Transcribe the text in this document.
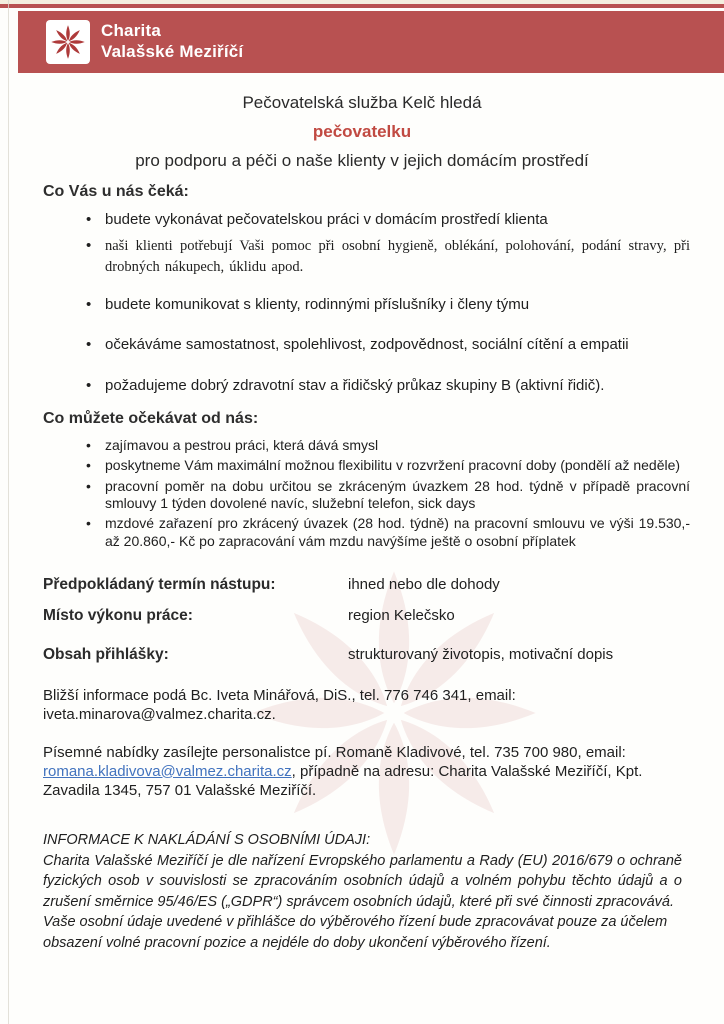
Charita
Valašské Meziříčí

Pečovatelská služba Kelč hledá

pečovatelku

pro podporu a péči o naše klienty v jejich domácím prostředí

Co Vás u nás čeká:
• budete vykonávat pečovatelskou práci v domácím prostředí klienta
• naši klienti potřebují Vaši pomoc při osobní hygieně, oblékání, polohování, podání stravy, při drobných nákupech, úklidu apod.
• budete komunikovat s klienty, rodinnými příslušníky i členy týmu
• očekáváme samostatnost, spolehlivost, zodpovědnost, sociální cítění a empatii
• požadujeme dobrý zdravotní stav a řidičský průkaz skupiny B (aktivní řidič).
Co můžete očekávat od nás:
•	zajímavou a pestrou práci, která dává smysl
•	poskytneme Vám maximální možnou flexibilitu v rozvržení pracovní doby (pondělí až neděle)
•	pracovní poměr na dobu určitou se zkráceným úvazkem 28 hod. týdně v případě pracovní smlouvy 1 týden dovolené navíc, služební telefon, sick days
•	mzdové zařazení pro zkrácený úvazek (28 hod. týdně) na pracovní smlouvu ve výši 19.530,- až 20.860,- Kč po zapracování vám mzdu navýšíme ještě o osobní příplatek
Předpokládaný termín nástupu:	ihned nebo dle dohody
Místo výkonu práce:	region Kelečsko
Obsah přihlášky:	strukturovaný životopis, motivační dopis

Bližší informace podá Bc. Iveta Minářová, DiS., tel. 776 746 341, email: iveta.minarova@valmez.charita.cz.

Písemné nabídky zasílejte personalistce pí. Romaně Kladivové, tel. 735 700 980, email: romana.kladivova@valmez.charita.cz, případně na adresu: Charita Valašské Meziříčí, Kpt. Zavadila 1345, 757 01 Valašské Meziříčí.

INFORMACE K NAKLÁDÁNÍ S OSOBNÍMI ÚDAJI:

Charita Valašské Meziříčí je dle nařízení Evropského parlamentu a Rady (EU) 2016/679 o ochraně fyzických osob v souvislosti se zpracováním osobních údajů a volném pohybu těchto údajů a o zrušení směrnice 95/46/ES („GDPR“) správcem osobních údajů, které při své činnosti zpracovává.

Vaše osobní údaje uvedené v přihlášce do výběrového řízení bude zpracovávat pouze za účelem obsazení volné pracovní pozice a nejdéle do doby ukončení výběrového řízení.
